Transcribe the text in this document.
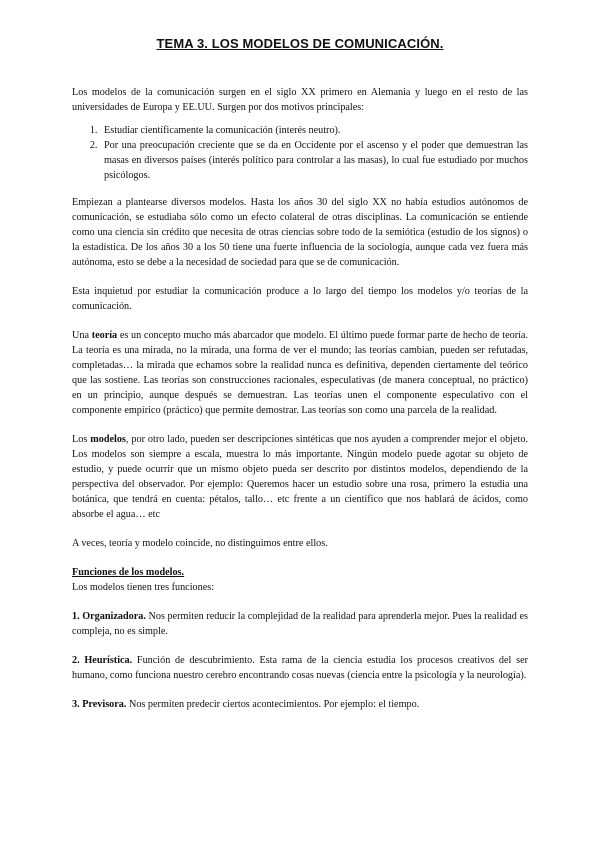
TEMA 3. LOS MODELOS DE COMUNICACIÓN.

Los modelos de la comunicación surgen en el siglo XX primero en Alemania y luego en el resto de las universidades de Europa y EE.UU. Surgen por dos motivos principales:

1. Estudiar científicamente la comunicación (interés neutro).
2. Por una preocupación creciente que se da en Occidente por el ascenso y el poder que demuestran las masas en diversos países (interés político para controlar a las masas), lo cual fue estudiado por muchos psicólogos.

Empiezan a plantearse diversos modelos. Hasta los años 30 del siglo XX no había estudios autónomos de comunicación, se estudiaba sólo como un efecto colateral de otras disciplinas. La comunicación se entiende como una ciencia sin crédito que necesita de otras ciencias sobre todo de la semiótica (estudio de los signos) o la estadística. De los años 30 a los 50 tiene una fuerte influencia de la sociología, aunque cada vez fuera más autónoma, esto se debe a la necesidad de sociedad para que se de comunicación.

Esta inquietud por estudiar la comunicación produce a lo largo del tiempo los modelos y/o teorías de la comunicación.

Una teoría es un concepto mucho más abarcador que modelo. El último puede formar parte de hecho de teoría. La teoría es una mirada, no la mirada, una forma de ver el mundo; las teorías cambian, pueden ser refutadas, completadas… la mirada que echamos sobre la realidad nunca es definitiva, dependen ciertamente del teórico que las sostiene. Las teorías son construcciones racionales, especulativas (de manera conceptual, no práctico) en un principio, aunque después se demuestran. Las teorías unen el componente especulativo con el componente empírico (práctico) que permite demostrar. Las teorías son como una parcela de la realidad.

Los modelos, por otro lado, pueden ser descripciones sintéticas que nos ayuden a comprender mejor el objeto. Los modelos son siempre a escala, muestra lo más importante. Ningún modelo puede agotar su objeto de estudio, y puede ocurrir que un mismo objeto pueda ser descrito por distintos modelos, dependiendo de la perspectiva del observador. Por ejemplo: Queremos hacer un estudio sobre una rosa, primero la estudia una botánica, que tendrá en cuenta: pétalos, tallo… etc frente a un científico que nos hablará de ácidos, como absorbe el agua… etc

A veces, teoría y modelo coincide, no distinguimos entre ellos.

Funciones de los modelos.

Los modelos tienen tres funciones:

1. Organizadora. Nos permiten reducir la complejidad de la realidad para aprenderla mejor. Pues la realidad es compleja, no es simple.

2. Heurística. Función de descubrimiento. Esta rama de la ciencia estudia los procesos creativos del ser humano, como funciona nuestro cerebro encontrando cosas nuevas (ciencia entre la psicología y la neurología).

3. Previsora. Nos permiten predecir ciertos acontecimientos. Por ejemplo: el tiempo.
